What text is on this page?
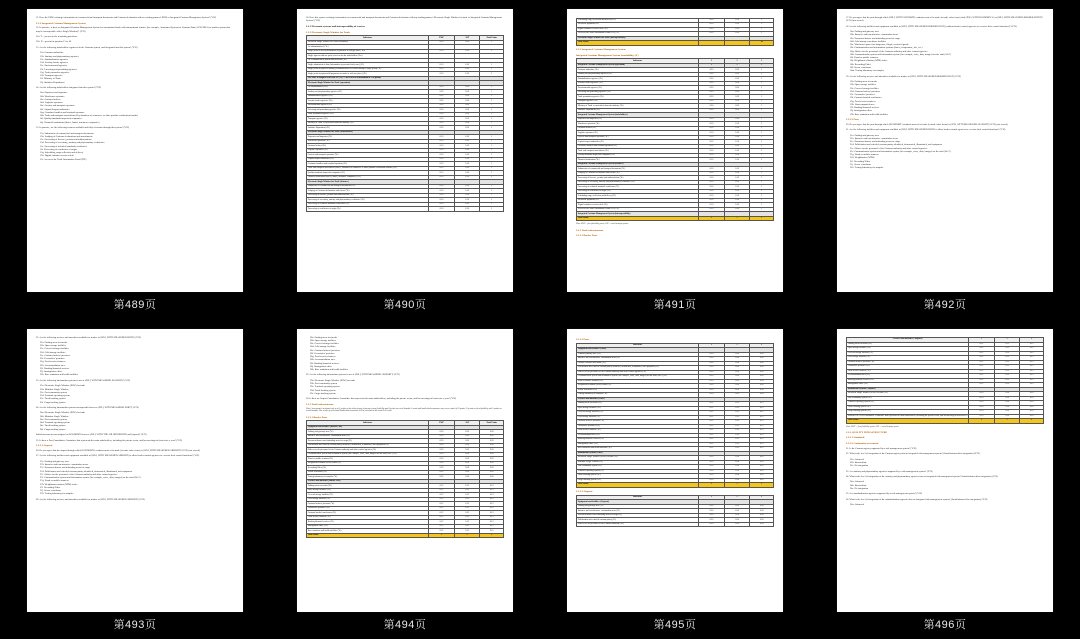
11. Does the EDW exchange information on commercial and transport documents and Customs declaration with an existing partner's EDW or Integrated Customs Management System? (Y/N)
2.1.2 Integrated Customs Management System
12. In practice, is there an Integrated Customs Management System for international trade with transactional features (for example, Automated System for Customs Data (ASYCUDA) or another system that may be interoperable with a Single Window)? (Y/N)
12a. Y = present in the remaining questions
12b. N = present in question 13 to 16.
13. Are the following stakeholders registered in the Customs system, and integrated into this system? (Y/N)
13a. Customs authorities
13b. Sanitary and phytosanitary agencies
13c. Standardization agencies
13d. Security border agencies
13e. Environmental agencies
13f. Licensing and permitting agencies
13g. Trade promotion agencies
13h. Transport agencies
13i. Ministry of Trade
13j. Statistics Department
14. Are the following stakeholders integrated into this system? (Y/N)
14a. Exporters and importers
14b. Warehouse operators
14c. Customs brokers
14d. Logistics operators
14e. Carriers and transport operators
14f. Airport/Seaport authorities
14g. Container handlers and terminal operators
14h. Trade and transport associations (Pay chambers of commerce or other product certification boards)
14i. Quality/standards inspection companies
14j. Financial institutions (that is, banks, insurance companies)
15. In practice, are the following features available and fully electronic through this system? (Y/N)
15a. Submission of commercial and transport documents
15b. Lodging of Customs declarations and amendments
15c. Processing of licenses, permits and authorizations
15d. Processing of veterinary, sanitary and phytosanitary certificates
15e. Processing of technical standards certificates
15f. Processing of certificates of origin
15g. Scheduling cargo collection and delivery
15h. Digital container services desk
15i. Access to the Trade Information Portal (TIP)
第489页
16. Does this system exchange information on commercial and transport documents and Customs declaration with any trading partner's Electronic Single Window for trade or Integrated Customs Management System? (Y/N)
2.1.1 Electronic systems and interoperability of services
2.1.2 Electronic Single Window for Trade
Indicators	EWP	ASP	Total Points
Electronic Single Window for Trade availability	0.20	0.20	1
1a. administration (1 Ye)			
Single point of access/information is provided in a single place (Yes)	0.10	0.10	1
Single sign-on with one point of access for the stakeholders (Yes)			
1b. Communication system and networks (Ye)			
Single submission of data (information is presented only once) (Ye)	0.10	0.10	1
Single point of payment making (communications of results through a single point) (Ye)	0.10	0.10	1
Single point of payment/all payments are made in with one place) (Ye)	0.10	0.10	1
The score is assigned of at least Yr (AV) 75 are selected in maximum of 1.00 points)			
Electronic Single Window for Trade (operation)			
1a. administration (Yes)	0.20	0.20	1
Sanitary and phytosanitary agencies (Ye)	0.20	0.20	1
Standardization agencies (Ye)	0.20	0.20	1
Security border agencies (Ye)	0.20	0.20	1
Environmental agencies (Ye)	0.20	0.20	1
Licensing and permitting agencies (Ye)	0.20	0.20	1
Trade promotion agencies (Ye)	0.20	0.20	1
Transport agencies (Ye)	0.20	0.20	1
Ministry of Trade or equivalent domestic ministry (Ye)	0.20	0.20	1
Statistics Department (Ye)	0.20	0.20	1
Electronic Single Window for Trade (stakeholders)			
Exporters and importers (Ye)	0.10	0.10	1
Warehouse operators (Ye)	0.10	0.10	1
Customs brokers (Ye)	0.10	0.10	1
Logistics operators (Ye)	0.10	0.10	1
Carriers and transport operators (Ye)	0.10	0.10	1
Airport/seaport authorities (Ye)	0.10	0.10	1
Container handlers and terminal operators (Ye)	0.10	0.10	1
Trade and transport associations (that is, chambers of commerce or other product certification boards) (Ye)	0.10	0.10	1
Quality/standards inspection companies (Ye)	0.10	0.10	1
Financial institutions (that is, banks, insurance companies) (Ye)	0.10	0.10	1
Electronic Single Window for Trade (features)			
Submission of commercial and transport documents (Ye)	0.10	0.10	1
Lodging of Customs declarations and release (Ye)	0.10	0.10	1
Processing of licenses, permits and authorizations (Ye)	0.10	0.10	1
Processing of veterinary, sanitary and phytosanitary certificates (Ye)	0.10	0.10	1
Processing of technical standards certificates (Ye)	0.10	0.10	1
Processing of certificates of origin (Ye)	0.10	0.10	1
第490页
Scheduling cargo collection and delivery (Ye)	0.10	0.10	1
Electronic payments (Ye)	0.10	0.10	1
Digital container services desk (Ye)	0.10	0.10	1
Access to the Trade Information Portal (TIP) (Ye)	0.10	0.10	1
Electronic Single Window for Trade (interoperability)			
Total Points			10
2.1.2 Integrated Customs Management System
Integrated Customs Management System (availability) (Y)
Indicators	1	1	1
Integrated Customs Management System (operation)	1	1	1
Customs authorities (Ye)	0.20	0.20	1
Sanitary and phytosanitary agencies (Ye)	0.20	0.20	1
Standardization agencies (Ye)	0.20	0.20	1
Security border agencies (Ye)	0.20	0.20	1
Environmental agencies (Ye)	0.20	0.20	1
Licensing and permitting agencies (Ye)	0.20	0.20	1
Trade promotion agencies (Ye)	0.20	0.20	1
Transport agencies (Ye)	0.20	0.20	1
Ministry of Trade or equivalent domestic ministry (Ye)	0.20	0.20	1
Statistics Department (Ye)	0.20	0.20	1
Integrated Customs Management System (stakeholders)			
Exporters and importers (Ye)	0.10	0.10	1
Warehouse operators (Ye)	0.10	0.10	1
Customs brokers (Ye)	0.10	0.10	1
Logistics operators (Ye)	0.10	0.10	1
Carriers and transport operators (Ye)	0.10	0.10	1
Airport/seaport authorities (Ye)	0.10	0.10	1
Container handlers and terminal operators (Ye)	0.10	0.10	1
Trade and transport associations (Ye)	0.10	0.10	1
Quality/standards inspection companies (Ye)	0.10	0.10	1
Financial institutions (Ye)	0.10	0.10	1
Integrated Customs Management System (features)			
Submission of commercial and transport documents (Ye)	0.10	0.10	1
Lodging of Customs declarations and release (Ye)	0.10	0.10	1
Processing of licenses, permits and authorizations (Ye)	0.10	0.10	1
Processing of veterinary, sanitary and phytosanitary certificates (Ye)	0.10	0.10	1
Processing of technical standards certificates (Ye)	0.10	0.10	1
Processing of certificates of origin (Ye)	0.10	0.10	1
Scheduling cargo collection and delivery (Ye)	0.10	0.10	1
Electronic payments (Ye)	0.10	0.10	1
Digital container services desk (Ye)	0.10	0.10	1
Access to the Trade Information Portal (TIP) (Ye)	0.10	0.10	1
Integrated Customs Management System (interoperability)			
Total Points	1	1	1
Note: EWP= first flexibility point; ASP= social transfer points.
2.1.2 Trade infrastructure
2.1.2.1 Border Posts
第491页
17. Do you agree that the port through which [JULI, WITH ECONOMY] conducts most of its trade air trade value items) with [JULI, WITH ECONOMY %] at [JULI, WITH MEAN MED BORDER POINT]? (Y/N) (not scored)
18. Are the following facilities and equipment available at [JULI, WITH MEASURED BORDER POST] (walkout border control agencies to exercise their control functions)? (Y/N)
18a. Parking and gateway area
18b. Intrusive and non-intrusive examination areas
18c. Document drawer and unloading areas for cargo
18d. Cold storage warehouse facilities
18e. Warehouse spaces for dangerous, illegal, restricted goods
18f. Communication and information systems (that is, temperature, fire, etc.)
18g. Offices for the personnel of the Customs authority and other control agencies
18h. Communication system and information system (for example, voice, data, images) for the staff (24×7)
18i. Usual or mobile scanners
18j. Weighbarrier/Station (WIM) scales
18k. Recording/Video
18l. Secure warehouse
18m. Testing laboratory for samples
19. Are the following services and amenities available for traders at [JULI, WITH MEASURED BORDER POST]? (Y/N)
19a. Parking areas for trucks
19b. Open storage facilities
19c. Covered storage facilities
19d. Customs brokers' premises
19e. Forwarders' premises
19f. Customs bonded warehouses
19g. Food services/canteen
19h. Unaccompanied area
19i. Banking/financial services
19j. Immigration office
19k. Base sanitation and health facilities
2.1.2.2 Ports
20. Do you agree that the port through which [ECONOMY] conducts most of its trade (in trade value items) is [JULI, WITH MEASURED SEAPORT]? (Y/N) (not scored)
21. Are the following facilities and equipment available at [JULI, WITH MEASURED PORT] to allow border control agencies to exercise their control functions? (Y/N)
21a. Parking and gateway area
21b. Intrusive and non-intrusive examination areas
21c. Document drawer and unloading areas for cargo
21d. Palletization and refueled vacuum pantry identified, demarcated, illuminated, and equipment
21e. Offices for the personnel of the Customs authority and other control agencies
21f. Communication system and information system (for example, voice, data, images) for the staff (24×7)
21g. Usual or mobile scanners
21h. Weighbarrier (WIM)
21i. Recording/Video
21j. Secure warehouse
21k. Testing laboratory for samples
第492页
22. Are the following services and amenities available for traders at [JULI, WITH MEASURED PORT]? (Y/N)
22a. Parking areas for trucks
22b. Open storage facilities
22c. Covered storage facilities
22d. Cold storage facilities
22e. Customs brokers' premises
22f. Forwarders' premises
22g. Food services/canteen
22h. Accommodation area
22i. Banking/financial services
22j. Immigration office
22k. Base sanitation and health facilities
23. Are the following information systems in use at [JULI, WITH MEASURED SEAPORT]? (Y/N)
23a. Electronic Single Window (ESW) for trade
23b. Maritime Single Window
23c. Port community system
23d. Terminal operating system
23e. Truck booking system
23f. Cargo tracking system
24. Are the following information systems interoperable between [JULI, WITH MEASURED PORT]? (Y/N)
24a. Electronic Single Window (ESW) for trade
24b. Maritime Single Window
24c. Port community system
24d. Terminal operating system
24e. Truck booking system
24f. Cargo tracking system
Initial assessment was assigned on ECONOMY between [JULI, WITH THE AIR IMI REPORT] and [airport]? (Y/N)
25. Is there a Port Consultative Committee that represents the main stakeholders, including the private sector, and has meetings at least twice a year? (Y/N)
2.1.2.3 Airports
26. Do you agree that the airport through which [ECONOMY] conducts most of its trade (in trade value terms) is [JULI, WITH MEASURED AIRPORT]? (Y/N) (not scored)
27. Are the following facilities and equipment available at [JULI, WITH MEASURED AIRPORT] to allow border control agencies to exercise their control functions? (Y/N)
27a. Parking and gateway area
27b. Intrusive and non-intrusive examination areas
27c. Document drawer and unloading areas for cargo
27d. Palletization and refueled vacuum pantry identified, demarcated, illuminated, and equipment
27e. Offices for the personnel of the Customs authority and other control agencies
27f. Communication system and information system (for example, voice, data, images) for the staff (24×7)
27g. Usual or mobile scanners
27h. Weighbarrier/station (WIM) scales
27i. Recording/Video
27j. Secure warehouse
27k. Testing laboratory for samples
28. Are the following services and amenities available for traders at [JULI, WITH MEASURED AIRPORT]? (Y/N)
第493页
28a. Parking areas for trucks
28b. Open storage facilities
28c. Covered storage facilities
28d. Cold storage facilities
28e. Customs brokers' premises
28f. Forwarders' premises
28g. Food services/canteen
28h. Accommodation area
28i. Banking/financial services
28j. Immigration office
28k. Base sanitation and health facilities
29. Are the following information systems in use at [JULI, WITH MEASURED AIRPORT]? (Y/N)
29a. Electronic Single Window (ESW) for trade
29b. Port community system
29c. Terminal operating system
29d. Truck booking system
29e. Cargo tracking system
30. Is there an Airport Consultative Committee that represents the main stakeholders, including the private sector, and has meetings at least twice a year? (Y/N)
2.1.2 Trade infrastructure
Note: Assessment is assigned only to of 2 points on the wide airport of answers from flexibility and 4 points on social benefits 1 round and landlocked economies may score a total of 10 points 15 points on firm flexibility and 5 points on social benefits. The scores of associated landlocked economies will be rescaled on the same 0-10 scale.
2.1.2.1 Border Posts
Indicators	EWP	ASP	Total Points
Equipment and facilities (Border Post)			
Parking and gateway area (Ye)	0.20	0.20	0.20
Intrusive and non-intrusive examination areas (Ye)	0.20	0.20	0.20
Document drawer and unloading areas for cargo (Ye)	0.20	0.20	0.20
Palletization and refueled vacuum pantry identified, demarcated, illuminated, and equipment (Ye)	0.20	0.20	0.20
Offices for the personnel of the Customs authority and other control agencies (Ye)	0.20	0.20	0.20
Communication system and information system (for example, voice, data, images) for the staff (24×7) (Ye)	0.20	0.20	0.20
Usual or mobile scanners (Ye)	0.20	0.20	0.20
Weighbarrier/Station (WIM) scales (Ye)	0.20	0.20	0.20
Recording/Video (Ye)	0.20	0.20	0.20
Secure warehouse (Ye)	0.20	0.20	0.20
Testing laboratory for samples (Ye)	0.20	0.20	0.20
Services and amenities (Border Post)			
Parking areas for trucks (Ye)	0.12	0.12	0.12
Open storage facilities (Ye)	0.12	0.12	0.12
Covered storage facilities (Ye)	0.12	0.12	0.12
Cold storage facilities (Ye)	0.12	0.12	0.12
Customs brokers' premises (Ye)	0.12	0.12	0.12
Forwarders' premises (Ye)	0.12	0.12	0.12
Customs bonded warehouses (Ye)	0.12	0.12	0.12
Food services/canteen (Ye)	0.12	0.12	0.12
Banking/financial services (Ye)	0.12	0.12	0.12
Immigration office (Ye)	0.12	0.12	0.12
Base sanitation and health facilities (Ye)	0.12	0.12	0.12
Total Points	1	1	2
第494页
2.1.2.2 Ports
Indicators	1	1	1
Equipment and facilities (Ports)			
Terminal primary area (Ye)	0.20	0.20	0.20
Intrusive and non-intrusive examination areas (Ye)	0.20	0.20	0.20
Custom extended warehouse (Ye)	0.20	0.20	0.20
Palletization and refueled vacuum pantry identified, demarcated, illuminated, and equipment (Ye)	0.20	0.20	0.20
Offices for the personnel of the Customs authority and other control agencies (Ye)	0.20	0.20	0.20
Communication system and information system (for example, voice, data, images) for the staff (24×7) (Ye)	0.20	0.20	0.20
Usual or mobile scanners (Ye)	0.20	0.20	0.20
Weighbarrier/Station (WIM) scales (Ye)	0.20	0.20	0.20
Secure warehouse (Ye)	0.20	0.20	0.20
Testing laboratory for samples (Ye)	0.20	0.20	0.20
Services and amenities (Ports)			
Parking areas for trucks (Ye)	0.12	0.12	0.12
Open storage facilities (Ye)	0.12	0.12	0.12
Covered storage facilities (Ye)	0.12	0.12	0.12
Cold storage facilities (Ye)	0.12	0.12	0.12
Customs brokers' premises (Ye)	0.12	0.12	0.12
Forwarders' premises (Ye)	0.12	0.12	0.12
Food services/canteen (Ye)	0.12	0.12	0.12
Accommodation area (Ye)	0.12	0.12	0.12
Banking/financial services (Ye)	0.12	0.12	0.12
Immigration office (Ye)	0.12	0.12	0.12
Base sanitation and health facilities (Ye)	0.12	0.12	0.12
Information systems (Ports)			
Electronic Single Window (ESW) for trade (Ye)	0.10	0.10	0.10
Maritime Single Window (Ye)	0.10	0.10	0.10
Port community system (Ye)	0.10	0.10	0.10
Terminal operating system (Ye)	0.10	0.10	0.10
Truck booking system (Ye)	0.10	0.10	0.10
Cargo tracking system (Ye)	0.10	0.10	0.10
Total Points	1	1	2
2.1.2.3 Airports
Indicators	1	1	1
Equipment and facilities (Airports)			
Parking and gateway area (Ye)	0.20	0.20	0.20
Intrusive and non-intrusive examination areas (Ye)	0.20	0.20	0.20
Document drawer and unloading areas for cargo (Ye)	0.20	0.20	0.20
Palletization and refueled vacuum pantry (Ye)	0.20	0.20	0.20
Offices for the personnel of the Customs authority (Ye)	0.20	0.20	0.20
第495页
Services and amenities (Airports)	1	1	1
Parking areas for trucks (Ye)	0.12	0.12	0.12
Open storage facilities (Ye)	0.12	0.12	0.12
Covered storage facilities (Ye)	0.12	0.12	0.12
Cold storage facilities (Ye)	0.12	0.12	0.12
Customs brokers' premises (Ye)	0.12	0.12	0.12
Forwarders' premises (Ye)	0.12	0.12	0.12
Food services/canteen (Ye)	0.12	0.12	0.12
Accommodation area (Ye)	0.12	0.12	0.12
Banking/financial services (Ye)	0.12	0.12	0.12
Immigration office (Ye)	0.12	0.12	0.12
Information systems (Airports)			
Electronic Single Window (ESW) for trade (Ye)	0.10	0.10	0.10
Port community system (Ye)	0.10	0.10	0.10
Terminal operating system (Ye)	0.10	0.10	0.10
Truck booking system (Ye)	0.10	0.10	0.10
Cargo tracking system (Ye)	0.10	0.10	0.10
Existence of a Port Consultative Committee that represents the main stakeholders, including the private sector, and has meetings at least twice a year (Ye)	0.10	0.10	0.10
Total Points	1	1	2
Note: EWP = first flexibility point; ASP = social transfer point.
2.1.3 QUALITY INFRASTRUCTURE
2.1.3.1 Standards
2.1.3.2 Conformity assessment
31. Is the Customs agency supported by a risk management system? (Y/N)
32. What is the level of integration of the Customs agency into an integrated risk management system? (Sarah/advanced/no integration) (Y/N)
32a. Advanced
32b. Intermediate
32c. No integration
33. Are sanitary and phytosanitary agencies supported by a risk management system? (Y/N)
34. What is the level of integration of the sanitary and phytosanitary agencies into an integrated risk management system? (Sarah/advanced/no integration) (Y/N)
34a. Advanced
34b. Intermediate
34c. No integration
35. Are standardization agencies supported by a risk management system? (Y/N)
36. What is the level of integration of the standardization agencies into an integrated risk management system? (Sarah/advanced/no integration) (Y/N)
36a. Advanced
第496页
